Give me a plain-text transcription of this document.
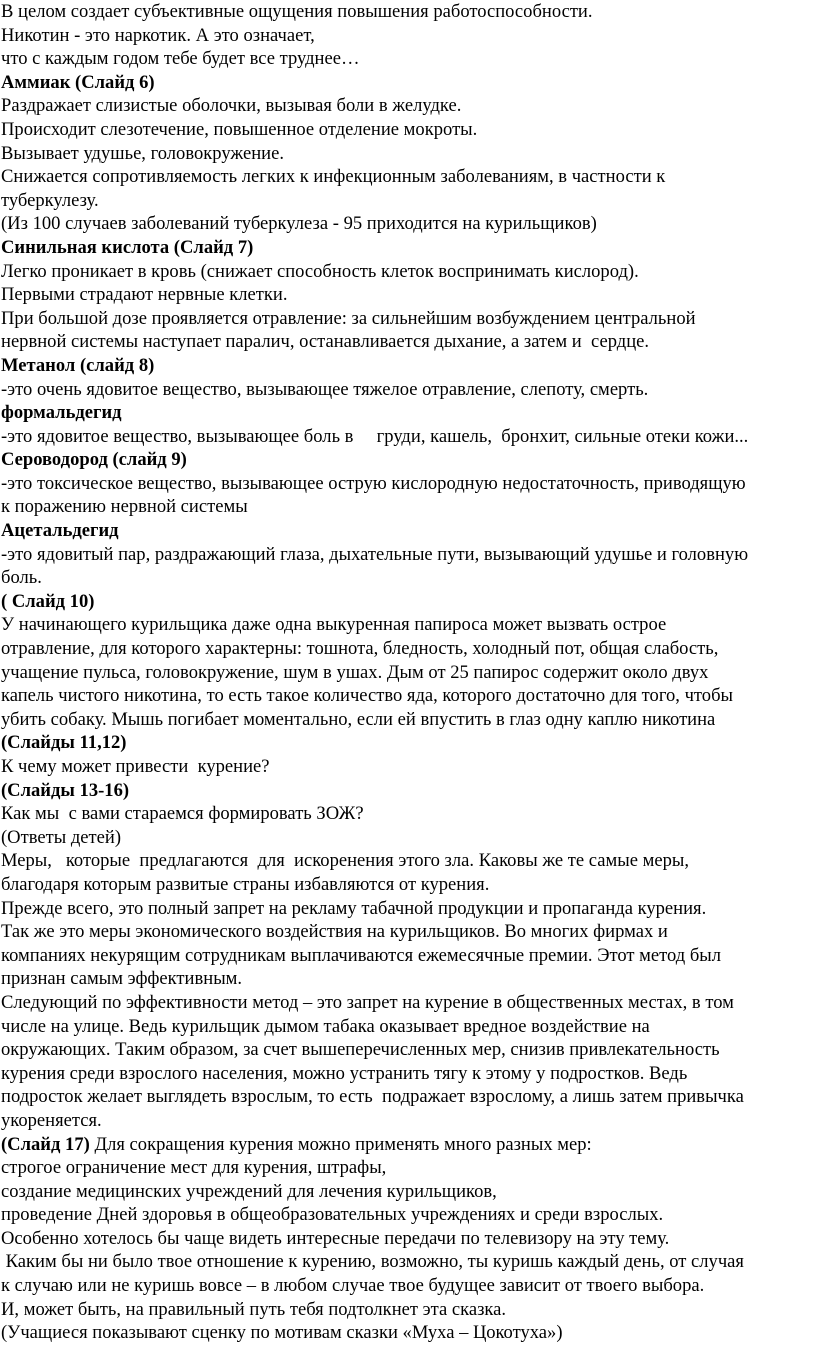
В целом создает субъективные ощущения повышения работоспособности.
Никотин - это наркотик. А это означает,
что с каждым годом тебе будет все труднее…
Аммиак (Слайд 6)
Раздражает слизистые оболочки, вызывая боли в желудке.
Происходит слезотечение, повышенное отделение мокроты.
Вызывает удушье, головокружение.
Снижается сопротивляемость легких к инфекционным заболеваниям, в частности к
туберкулезу.
(Из 100 случаев заболеваний туберкулеза - 95 приходится на курильщиков)
Синильная кислота (Слайд 7)
Легко проникает в кровь (снижает способность клеток воспринимать кислород).
Первыми страдают нервные клетки.
При большой дозе проявляется отравление: за сильнейшим возбуждением центральной
нервной системы наступает паралич, останавливается дыхание, а затем и  сердце.
Метанол (слайд 8)
-это очень ядовитое вещество, вызывающее тяжелое отравление, слепоту, смерть.
формальдегид
-это ядовитое вещество, вызывающее боль в     груди, кашель,  бронхит, сильные отеки кожи...
Сероводород (слайд 9)
-это токсическое вещество, вызывающее острую кислородную недостаточность, приводящую
к поражению нервной системы
Ацетальдегид
-это ядовитый пар, раздражающий глаза, дыхательные пути, вызывающий удушье и головную
боль.
( Слайд 10)
У начинающего курильщика даже одна выкуренная папироса может вызвать острое
отравление, для которого характерны: тошнота, бледность, холодный пот, общая слабость,
учащение пульса, головокружение, шум в ушах. Дым от 25 папирос содержит около двух
капель чистого никотина, то есть такое количество яда, которого достаточно для того, чтобы
убить собаку. Мышь погибает моментально, если ей впустить в глаз одну каплю никотина
(Слайды 11,12)
К чему может привести  курение?
(Слайды 13-16)
Как мы  с вами стараемся формировать ЗОЖ?
(Ответы детей)
Меры,   которые  предлагаются  для  искоренения этого зла. Каковы же те самые меры,
благодаря которым развитые страны избавляются от курения.
Прежде всего, это полный запрет на рекламу табачной продукции и пропаганда курения.
Так же это меры экономического воздействия на курильщиков. Во многих фирмах и
компаниях некурящим сотрудникам выплачиваются ежемесячные премии. Этот метод был
признан самым эффективным.
Следующий по эффективности метод – это запрет на курение в общественных местах, в том
числе на улице. Ведь курильщик дымом табака оказывает вредное воздействие на
окружающих. Таким образом, за счет вышеперечисленных мер, снизив привлекательность
курения среди взрослого населения, можно устранить тягу к этому у подростков. Ведь
подросток желает выглядеть взрослым, то есть  подражает взрослому, а лишь затем привычка
укореняется.
(Слайд 17) Для сокращения курения можно применять много разных мер:
строгое ограничение мест для курения, штрафы,
создание медицинских учреждений для лечения курильщиков,
проведение Дней здоровья в общеобразовательных учреждениях и среди взрослых.
Особенно хотелось бы чаще видеть интересные передачи по телевизору на эту тему.
Каким бы ни было твое отношение к курению, возможно, ты куришь каждый день, от случая
к случаю или не куришь вовсе – в любом случае твое будущее зависит от твоего выбора.
И, может быть, на правильный путь тебя подтолкнет эта сказка.
(Учащиеся показывают сценку по мотивам сказки «Муха – Цокотуха»)
